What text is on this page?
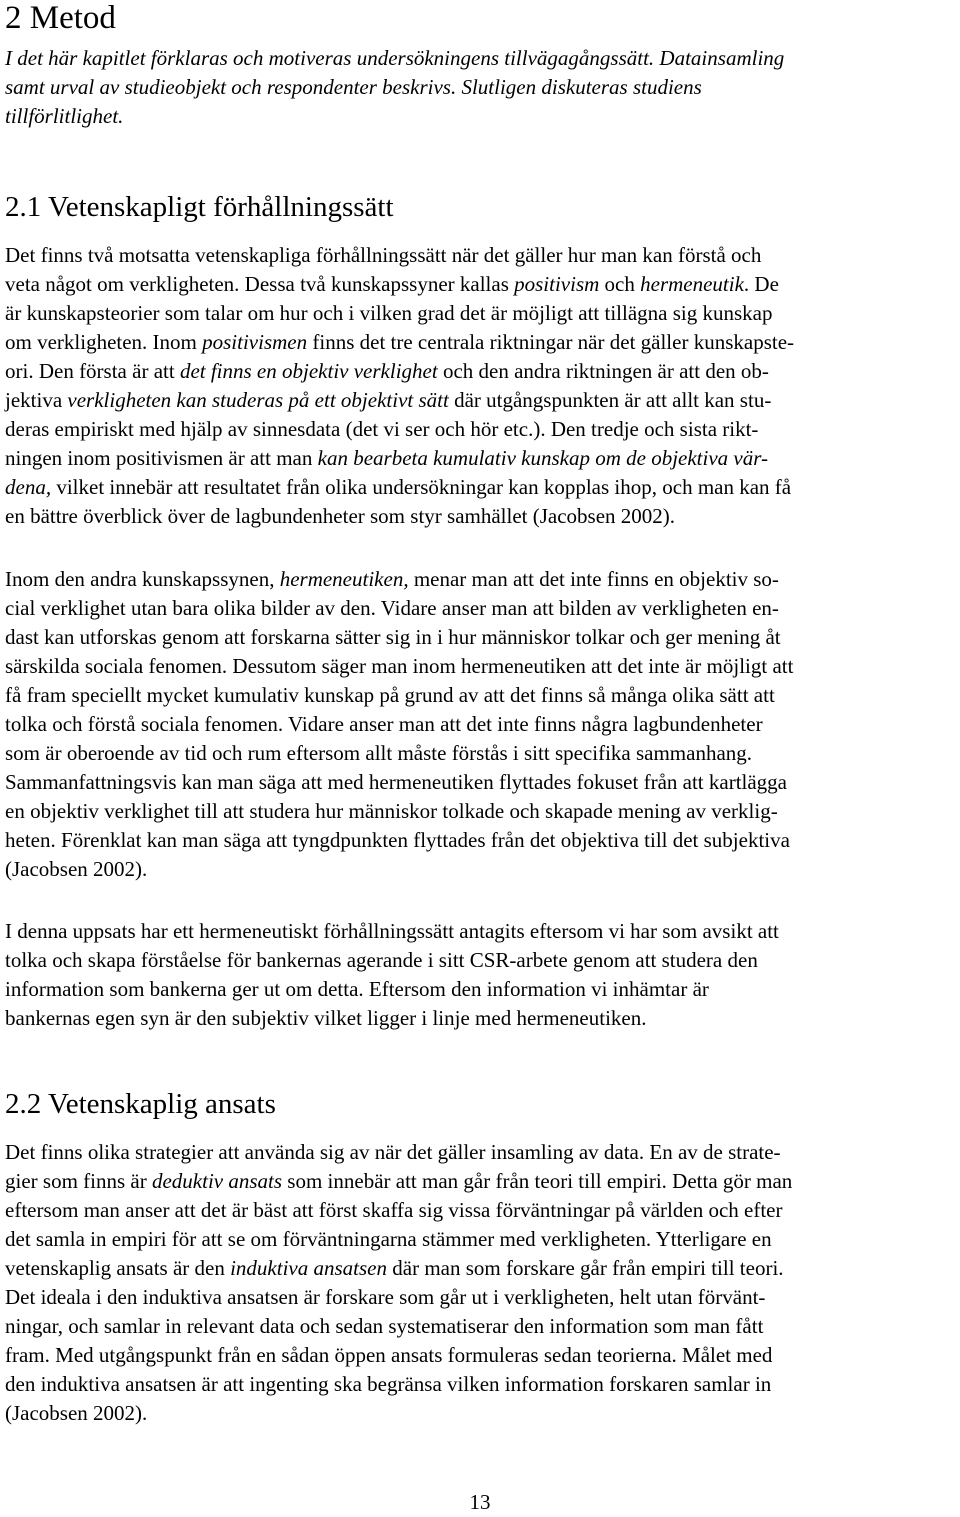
2 Metod
I det här kapitlet förklaras och motiveras undersökningens tillvägagångssätt. Datainsamling
samt urval av studieobjekt och respondenter beskrivs. Slutligen diskuteras studiens
tillförlitlighet.
2.1 Vetenskapligt förhållningssätt
Det finns två motsatta vetenskapliga förhållningssätt när det gäller hur man kan förstå och
veta något om verkligheten. Dessa två kunskapssyner kallas positivism och hermeneutik. De
är kunskapsteorier som talar om hur och i vilken grad det är möjligt att tillägna sig kunskap
om verkligheten. Inom positivismen finns det tre centrala riktningar när det gäller kunskapste-
ori. Den första är att det finns en objektiv verklighet och den andra riktningen är att den ob-
jektiva verkligheten kan studeras på ett objektivt sätt där utgångspunkten är att allt kan stu-
deras empiriskt med hjälp av sinnesdata (det vi ser och hör etc.). Den tredje och sista rikt-
ningen inom positivismen är att man kan bearbeta kumulativ kunskap om de objektiva vär-
dena, vilket innebär att resultatet från olika undersökningar kan kopplas ihop, och man kan få
en bättre överblick över de lagbundenheter som styr samhället (Jacobsen 2002).
Inom den andra kunskapssynen, hermeneutiken, menar man att det inte finns en objektiv so-
cial verklighet utan bara olika bilder av den. Vidare anser man att bilden av verkligheten en-
dast kan utforskas genom att forskarna sätter sig in i hur människor tolkar och ger mening åt
särskilda sociala fenomen. Dessutom säger man inom hermeneutiken att det inte är möjligt att
få fram speciellt mycket kumulativ kunskap på grund av att det finns så många olika sätt att
tolka och förstå sociala fenomen. Vidare anser man att det inte finns några lagbundenheter
som är oberoende av tid och rum eftersom allt måste förstås i sitt specifika sammanhang.
Sammanfattningsvis kan man säga att med hermeneutiken flyttades fokuset från att kartlägga
en objektiv verklighet till att studera hur människor tolkade och skapade mening av verklig-
heten. Förenklat kan man säga att tyngdpunkten flyttades från det objektiva till det subjektiva
(Jacobsen 2002).
I denna uppsats har ett hermeneutiskt förhållningssätt antagits eftersom vi har som avsikt att
tolka och skapa förståelse för bankernas agerande i sitt CSR-arbete genom att studera den
information som bankerna ger ut om detta. Eftersom den information vi inhämtar är
bankernas egen syn är den subjektiv vilket ligger i linje med hermeneutiken.
2.2 Vetenskaplig ansats
Det finns olika strategier att använda sig av när det gäller insamling av data. En av de strate-
gier som finns är deduktiv ansats som innebär att man går från teori till empiri. Detta gör man
eftersom man anser att det är bäst att först skaffa sig vissa förväntningar på världen och efter
det samla in empiri för att se om förväntningarna stämmer med verkligheten. Ytterligare en
vetenskaplig ansats är den induktiva ansatsen där man som forskare går från empiri till teori.
Det ideala i den induktiva ansatsen är forskare som går ut i verkligheten, helt utan förvänt-
ningar, och samlar in relevant data och sedan systematiserar den information som man fått
fram. Med utgångspunkt från en sådan öppen ansats formuleras sedan teorierna. Målet med
den induktiva ansatsen är att ingenting ska begränsa vilken information forskaren samlar in
(Jacobsen 2002).
13
